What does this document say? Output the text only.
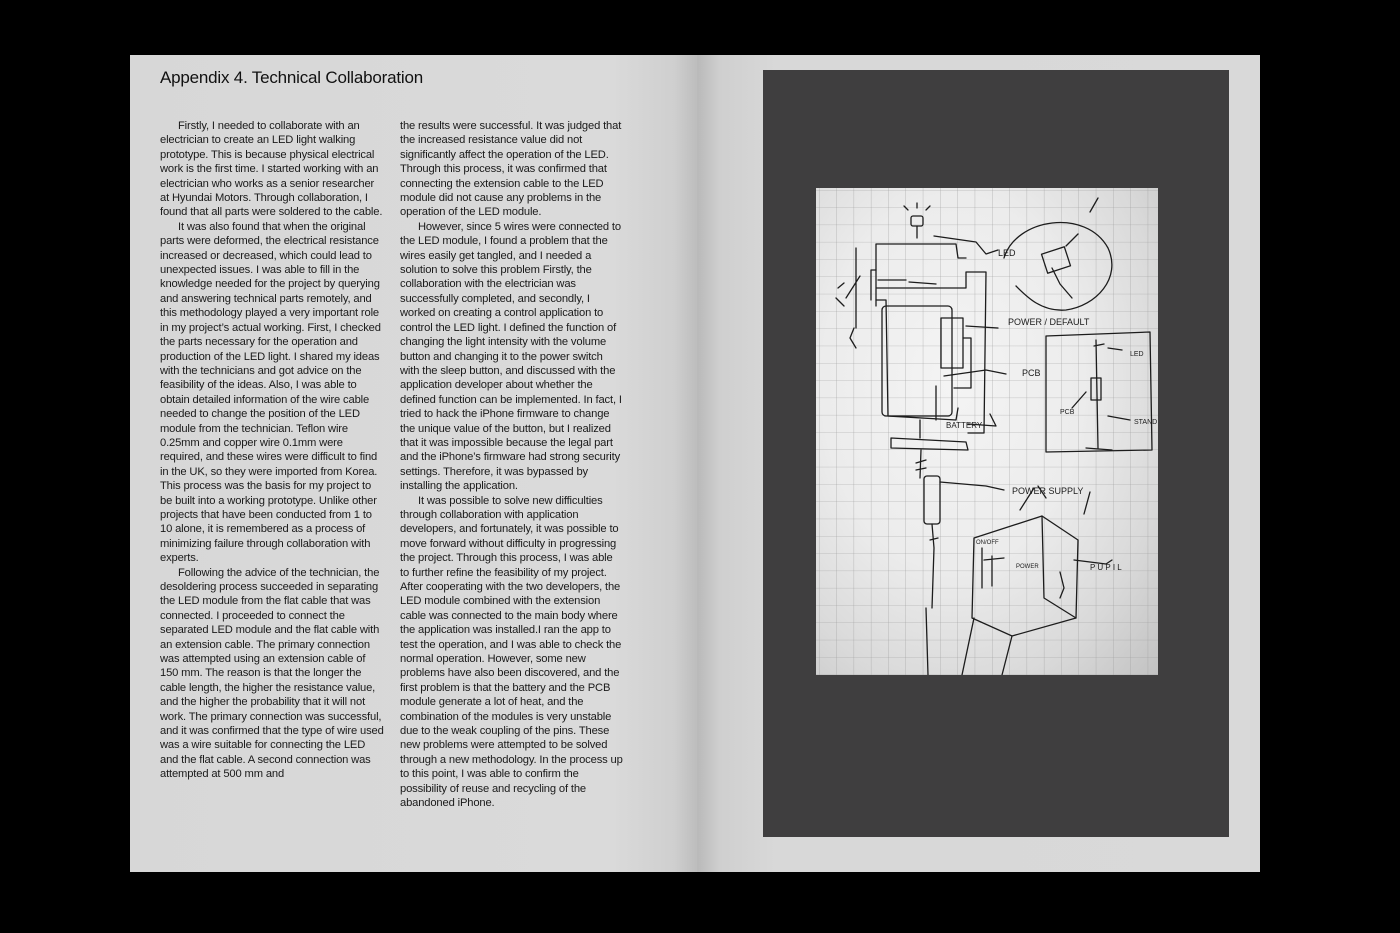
Appendix 4. Technical Collaboration

Firstly, I needed to collaborate with an electrician to create an LED light walking prototype. This is because physical electrical work is the first time. I started working with an electrician who works as a senior researcher at Hyundai Motors. Through collaboration, I found that all parts were soldered to the cable.

It was also found that when the original parts were deformed, the electrical resistance increased or decreased, which could lead to unexpected issues. I was able to fill in the knowledge needed for the project by querying and answering technical parts remotely, and this methodology played a very important role in my project’s actual working. First, I checked the parts necessary for the operation and production of the LED light. I shared my ideas with the technicians and got advice on the feasibility of the ideas. Also, I was able to obtain detailed information of the wire cable needed to change the position of the LED module from the technician. Teflon wire 0.25mm and copper wire 0.1mm were required, and these wires were difficult to find in the UK, so they were imported from Korea. This process was the basis for my project to be built into a working prototype. Unlike other projects that have been conducted from 1 to 10 alone, it is remembered as a process of minimizing failure through collaboration with experts.

Following the advice of the technician, the desoldering process succeeded in separating the LED module from the flat cable that was connected. I proceeded to connect the separated LED module and the flat cable with an extension cable. The primary connection was attempted using an extension cable of 150 mm. The reason is that the longer the cable length, the higher the resistance value, and the higher the probability that it will not work. The primary connection was successful, and it was confirmed that the type of wire used was a wire suitable for connecting the LED and the flat cable. A second connection was attempted at 500 mm and

the results were successful. It was judged that the increased resistance value did not significantly affect the operation of the LED. Through this process, it was confirmed that connecting the extension cable to the LED module did not cause any problems in the operation of the LED module.

However, since 5 wires were connected to the LED module, I found a problem that the wires easily get tangled, and I needed a solution to solve this problem Firstly, the collaboration with the electrician was successfully completed, and secondly, I worked on creating a control application to control the LED light. I defined the function of changing the light intensity with the volume button and changing it to the power switch with the sleep button, and discussed with the application developer about whether the defined function can be implemented. In fact, I tried to hack the iPhone firmware to change the unique value of the button, but I realized that it was impossible because the legal part and the iPhone’s firmware had strong security settings. Therefore, it was bypassed by installing the application.

It was possible to solve new difficulties through collaboration with application developers, and fortunately, it was possible to move forward without difficulty in progressing the project. Through this process, I was able to further refine the feasibility of my project. After cooperating with the two developers, the LED module combined with the extension cable was connected to the main body where the application was installed.I ran the app to test the operation, and I was able to check the normal operation. However, some new problems have also been discovered, and the first problem is that the battery and the PCB module generate a lot of heat, and the combination of the modules is very unstable due to the weak coupling of the pins. These new problems were attempted to be solved through a new methodology. In the process up to this point, I was able to confirm the possibility of reuse and recycling of the abandoned iPhone.

LED
POWER / DEFAULT
PCB
BATTERY
LED
PCB
STAND
POWER SUPPLY
P U P I L
ON/OFF
POWER
